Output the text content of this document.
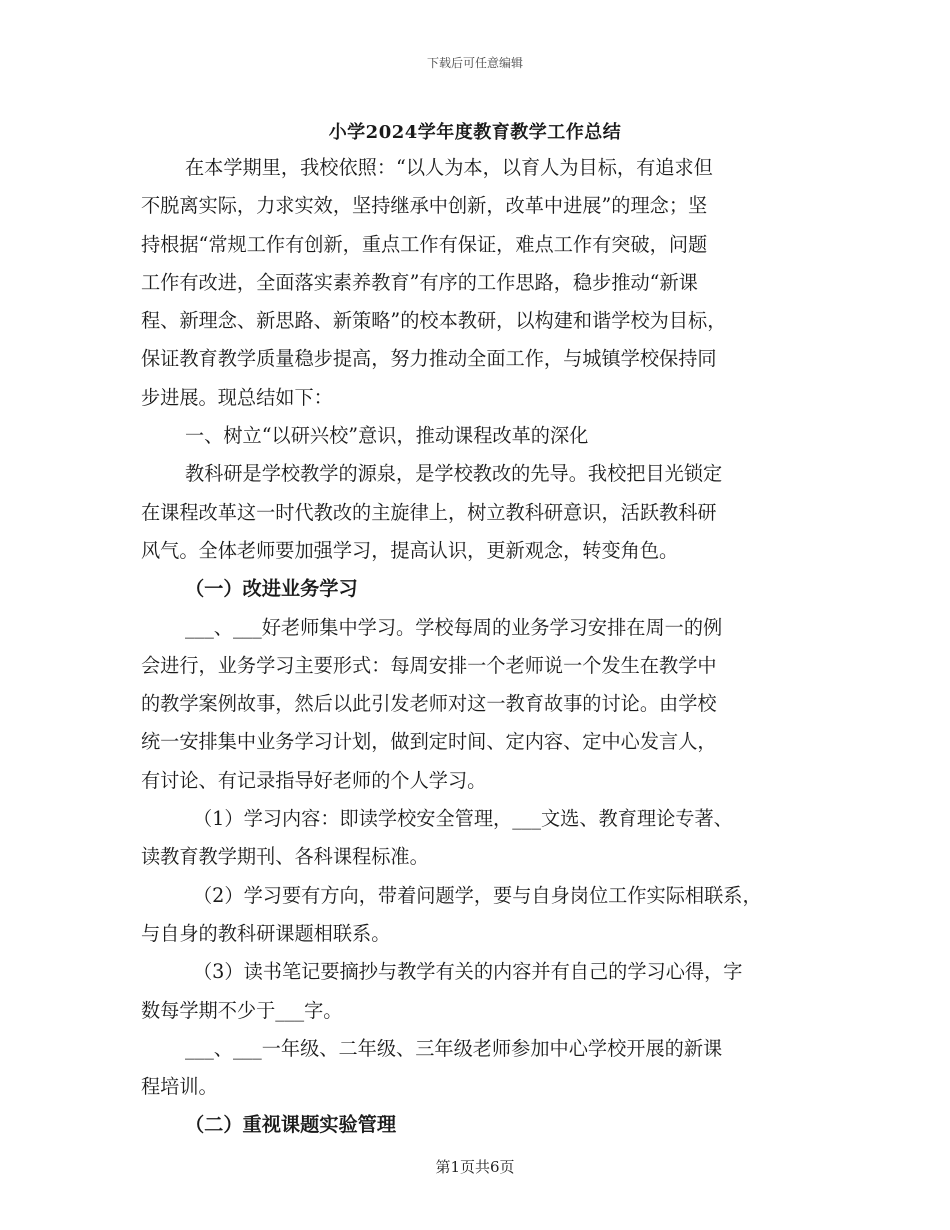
下载后可任意编辑
小学2024学年度教育教学工作总结
在本学期里，我校依照：“以人为本，以育人为目标，有追求但
不脱离实际，力求实效，坚持继承中创新，改革中进展”的理念；坚
持根据“常规工作有创新，重点工作有保证，难点工作有突破，问题
工作有改进，全面落实素养教育”有序的工作思路，稳步推动“新课
程、新理念、新思路、新策略”的校本教研，以构建和谐学校为目标，
保证教育教学质量稳步提高，努力推动全面工作，与城镇学校保持同
步进展。现总结如下：
一、树立“以研兴校”意识，推动课程改革的深化
教科研是学校教学的源泉，是学校教改的先导。我校把目光锁定
在课程改革这一时代教改的主旋律上，树立教科研意识，活跃教科研
风气。全体老师要加强学习，提高认识，更新观念，转变角色。
（一）改进业务学习
___、___好老师集中学习。学校每周的业务学习安排在周一的例
会进行，业务学习主要形式：每周安排一个老师说一个发生在教学中
的教学案例故事，然后以此引发老师对这一教育故事的讨论。由学校
统一安排集中业务学习计划，做到定时间、定内容、定中心发言人，
有讨论、有记录指导好老师的个人学习。
（1）学习内容：即读学校安全管理，___文选、教育理论专著、
读教育教学期刊、各科课程标准。
（2）学习要有方向，带着问题学，要与自身岗位工作实际相联系，
与自身的教科研课题相联系。
（3）读书笔记要摘抄与教学有关的内容并有自己的学习心得，字
数每学期不少于___字。
___、___一年级、二年级、三年级老师参加中心学校开展的新课
程培训。
（二）重视课题实验管理
第1页共6页
